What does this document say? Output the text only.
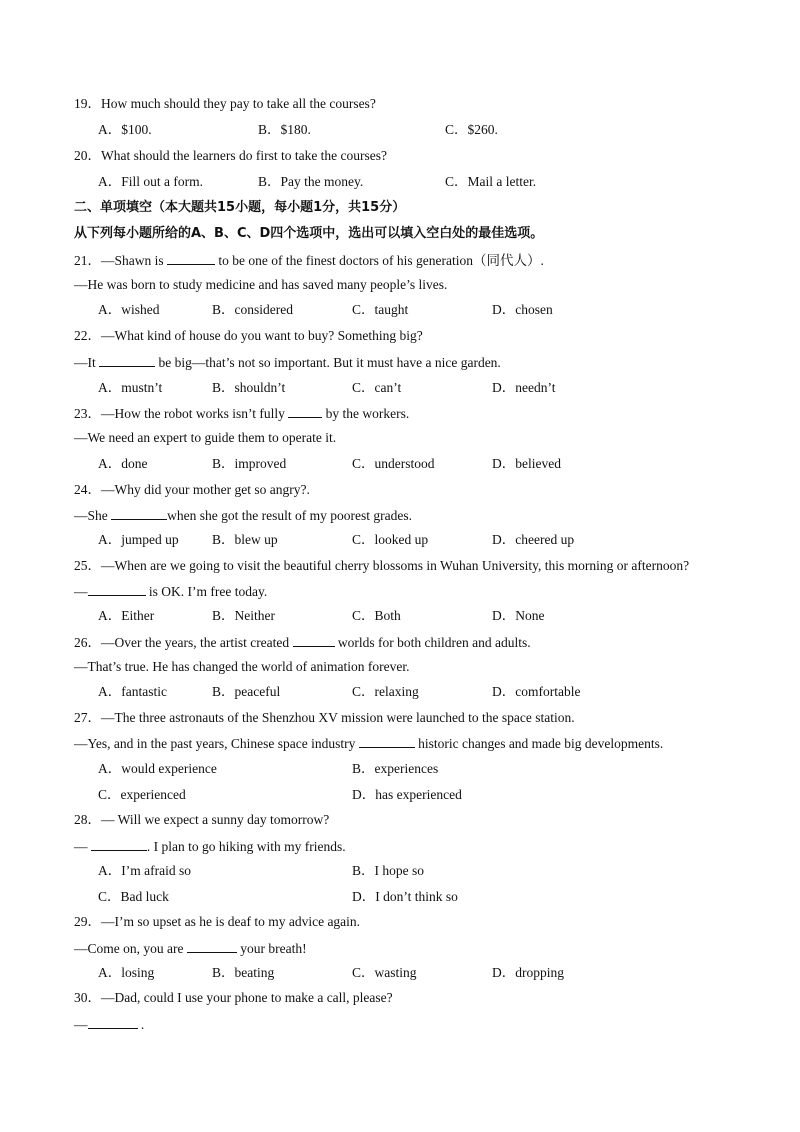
19．How much should they pay to take all the courses?
A．$100.	B．$180.	C．$260.
20．What should the learners do first to take the courses?
A．Fill out a form.	B．Pay the money.	C．Mail a letter.
二、单项填空（本大题共15小题，每小题1分，共15分）
从下列每小题所给的A、B、C、D四个选项中，选出可以填入空白处的最佳选项。
21．—Shawn is	to be one of the finest doctors of his generation（同代人）.
—He was born to study medicine and has saved many people’s lives.
A．wished	B．considered	C．taught	D．chosen
22．—What kind of house do you want to buy? Something big?
—It	be big—that’s not so important. But it must have a nice garden.
A．mustn’t	B．shouldn’t	C．can’t	D．needn’t
23．—How the robot works isn’t fully	by the workers.
—We need an expert to guide them to operate it.
A．done	B．improved	C．understood	D．believed
24．—Why did your mother get so angry?.
—She	when she got the result of my poorest grades.
A．jumped up B．blew up	C．looked up	D．cheered up
25．—When are we going to visit the beautiful cherry blossoms in Wuhan University, this morning or afternoon?
—	is OK. I’m free today.
A．Either	B．Neither	C．Both	D．None
26．—Over the years, the artist created	worlds for both children and adults.
—That’s true. He has changed the world of animation forever.
A．fantastic	B．peaceful	C．relaxing	D．comfortable
27．—The three astronauts of the Shenzhou XV mission were launched to the space station.
—Yes, and in the past years, Chinese space industry	historic changes and made big developments.
A．would experience	B．experiences
C．experienced	D．has experienced
28．— Will we expect a sunny day tomorrow?
—	. I plan to go hiking with my friends.
A．I’m afraid so	B．I hope so
C．Bad luck	D．I don’t think so
29．—I’m so upset as he is deaf to my advice again.
—Come on, you are	your breath!
A．losing	B．beating	C．wasting	D．dropping
30．—Dad, could I use your phone to make a call, please?
—	.
